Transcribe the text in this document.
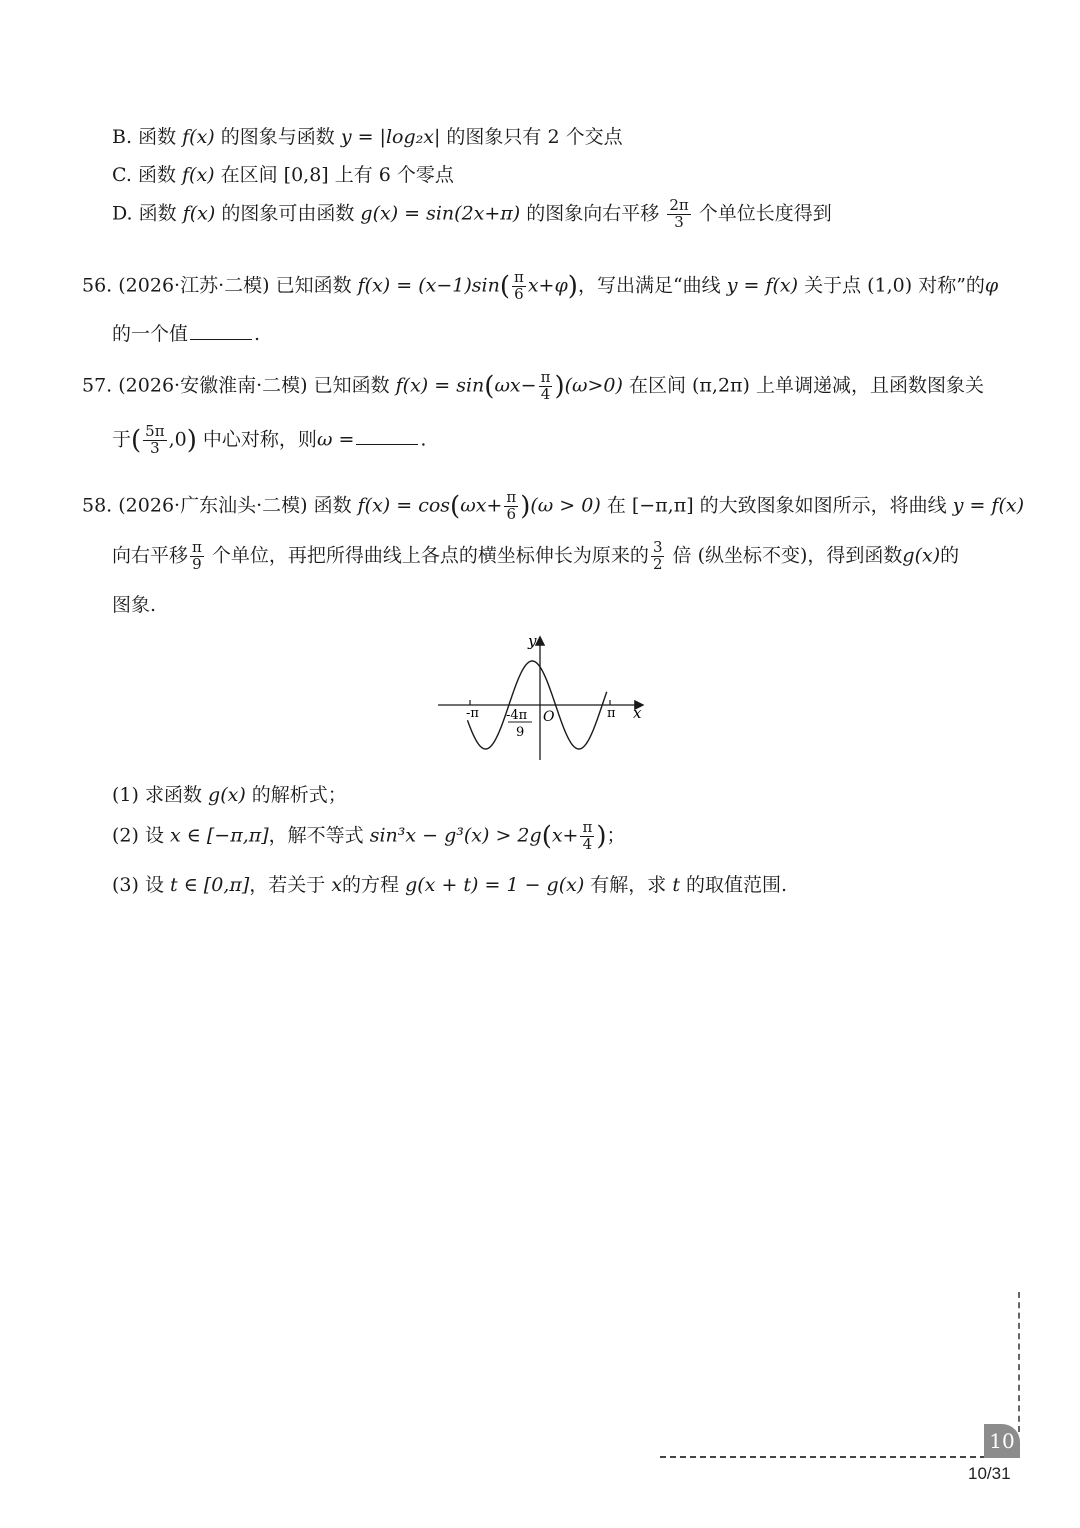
B. 函数 f(x) 的图象与函数 y = |log₂x| 的图象只有 2 个交点
C. 函数 f(x) 在区间 [0,8] 上有 6 个零点
D. 函数 f(x) 的图象可由函数 g(x) = sin(2x+π) 的图象向右平移 $\frac{2\pi}{3}$ 个单位长度得到
56. (2026·江苏·二模) 已知函数 $f(x) = (x-1)\sin( \frac{\pi}{6} x+\varphi)$，写出满足“曲线 y = f(x) 关于点 (1,0) 对称”的φ
的一个值	.
57. (2026·安徽淮南·二模) 已知函数 $f(x) = \sin(\omega x- \frac{\pi}{4} )(\omega>0)$ 在区间 (π,2π) 上单调递减，且函数图象关
于( $\frac{5\pi}{3} ,0$) 中心对称，则ω =	.
58. (2026·广东汕头·二模) 函数 $f(x) = \cos(\omega x+ \frac{\pi}{6} )(\omega > 0)$ 在 [−π,π] 的大致图象如图所示，将曲线 y = f(x)
向右平移 $\frac{\pi}{9}$ 个单位，再把所得曲线上各点的横坐标伸长为原来的 $\frac{3}{2}$ 倍 (纵坐标不变)，得到函数g(x)的
图象.
y
x
O
-π	π
-4π
9
(1) 求函数 g(x) 的解析式；
(2) 设 x ∈ [−π,π]，解不等式 $\sin^3x - g^3(x) > 2g(x+ \frac{\pi}{4}$ )；
(3) 设 t ∈ [0,π]，若关于 x的方程 g(x + t) = 1 − g(x) 有解，求 t 的取值范围.
10
10/31
